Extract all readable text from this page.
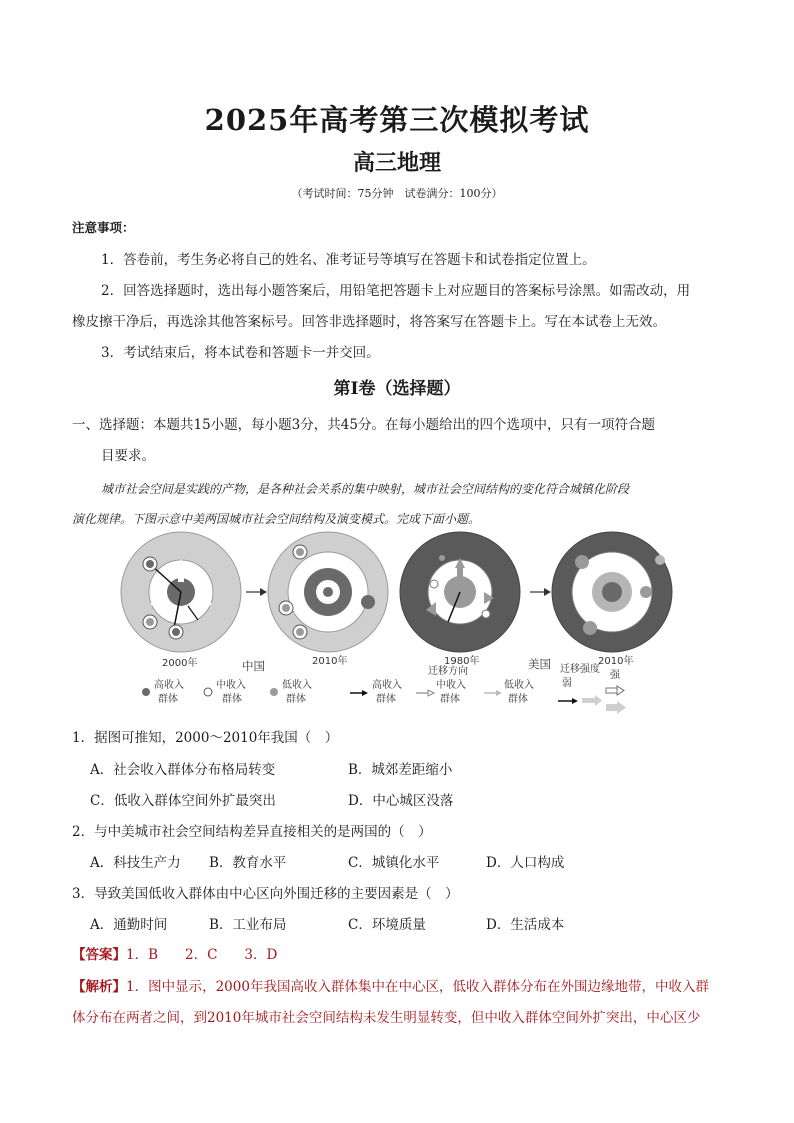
2025年高考第三次模拟考试
高三地理
（考试时间：75分钟　试卷满分：100分）
注意事项：
1．答卷前，考生务必将自己的姓名、准考证号等填写在答题卡和试卷指定位置上。
2．回答选择题时，选出每小题答案后，用铅笔把答题卡上对应题目的答案标号涂黑。如需改动，用
橡皮擦干净后，再选涂其他答案标号。回答非选择题时，将答案写在答题卡上。写在本试卷上无效。
3．考试结束后，将本试卷和答题卡一并交回。
第Ⅰ卷（选择题）
一、选择题：本题共15小题，每小题3分，共45分。在每小题给出的四个选项中，只有一项符合题
目要求。
城市社会空间是实践的产物，是各种社会关系的集中映射，城市社会空间结构的变化符合城镇化阶段
演化规律。下图示意中美两国城市社会空间结构及演变模式。完成下面小题。
2000年	中国	2010年	1980年	美国	2010年
高收入
群体
中收入
群体
低收入
群体
高收入
群体
迁移方向
中收入
群体
低收入
群体
迁移强度
弱
强
1．据图可推知，2000～2010年我国（　）
A．社会收入群体分布格局转变	B．城郊差距缩小
C．低收入群体空间外扩最突出	D．中心城区没落
2．与中美城市社会空间结构差异直接相关的是两国的（　）
A．科技生产力 B．教育水平	C．城镇化水平	D．人口构成
3．导致美国低收入群体由中心区向外围迁移的主要因素是（　）
A．通勤时间	B．工业布局	C．环境质量	D．生活成本
【答案】1．B　　2．C　　3．D
【解析】1．图中显示，2000年我国高收入群体集中在中心区，低收入群体分布在外围边缘地带，中收入群
体分布在两者之间，到2010年城市社会空间结构未发生明显转变，但中收入群体空间外扩突出，中心区少
